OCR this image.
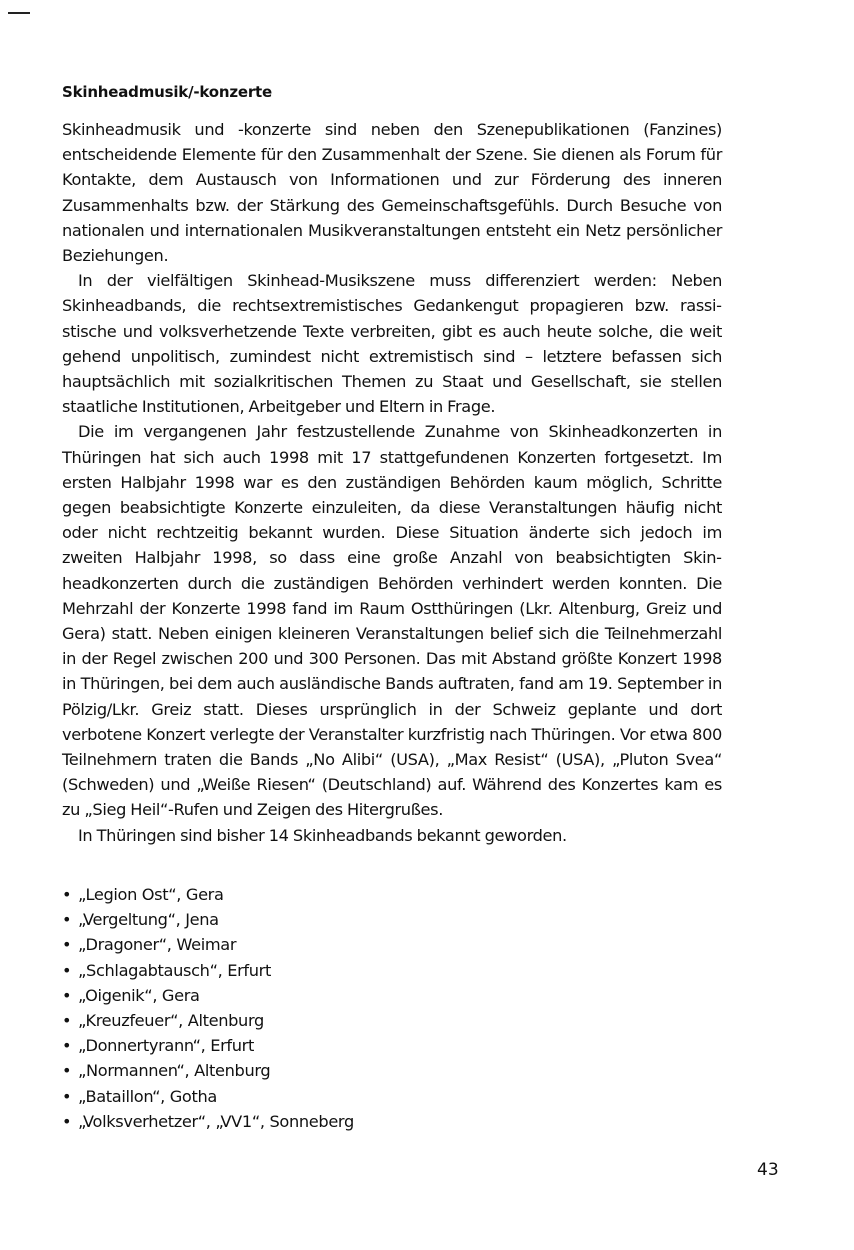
Skinheadmusik/-konzerte

Skinheadmusik und -konzerte sind neben den Szenepublikationen (Fanzines) entscheidende Elemente für den Zusammenhalt der Szene. Sie dienen als Forum für Kontakte, dem Austausch von Informationen und zur Förderung des inneren Zusammenhalts bzw. der Stärkung des Gemeinschaftsgefühls. Durch Besuche von nationalen und internationalen Musikveranstaltungen entsteht ein Netz persönlicher Beziehungen.

In der vielfältigen Skinhead-Musikszene muss differenziert werden: Neben Skinheadbands, die rechtsextremistisches Gedankengut propagieren bzw. rassistische und volksverhetzende Texte verbreiten, gibt es auch heute solche, die weit gehend unpolitisch, zumindest nicht extremistisch sind – letztere befassen sich hauptsächlich mit sozialkritischen Themen zu Staat und Gesellschaft, sie stellen staatliche Institutionen, Arbeitgeber und Eltern in Frage.

Die im vergangenen Jahr festzustellende Zunahme von Skinheadkonzerten in Thüringen hat sich auch 1998 mit 17 stattgefundenen Konzerten fortgesetzt. Im ersten Halbjahr 1998 war es den zuständigen Behörden kaum möglich, Schritte gegen beabsichtigte Konzerte einzuleiten, da diese Veranstaltungen häufig nicht oder nicht rechtzeitig bekannt wurden. Diese Situation änderte sich jedoch im zweiten Halbjahr 1998, so dass eine große Anzahl von beabsichtigten Skinheadkonzerten durch die zuständigen Behörden verhindert werden konnten. Die Mehrzahl der Konzerte 1998 fand im Raum Ostthüringen (Lkr. Altenburg, Greiz und Gera) statt. Neben einigen kleineren Veranstaltungen belief sich die Teilnehmerzahl in der Regel zwischen 200 und 300 Personen. Das mit Abstand größte Konzert 1998 in Thüringen, bei dem auch ausländische Bands auftraten, fand am 19. September in Pölzig/Lkr. Greiz statt. Dieses ursprünglich in der Schweiz geplante und dort verbotene Konzert verlegte der Veranstalter kurzfristig nach Thüringen. Vor etwa 800 Teilnehmern traten die Bands „No Alibi“ (USA), „Max Resist“ (USA), „Pluton Svea“ (Schweden) und „Weiße Riesen“ (Deutschland) auf. Während des Konzertes kam es zu „Sieg Heil“-Rufen und Zeigen des Hitergrußes.

In Thüringen sind bisher 14 Skinheadbands bekannt geworden.

• „Legion Ost“, Gera
• „Vergeltung“, Jena
• „Dragoner“, Weimar
• „Schlagabtausch“, Erfurt
• „Oigenik“, Gera
• „Kreuzfeuer“, Altenburg
• „Donnertyrann“, Erfurt
• „Normannen“, Altenburg
• „Bataillon“, Gotha
• „Volksverhetzer“, „VV1“, Sonneberg
43
